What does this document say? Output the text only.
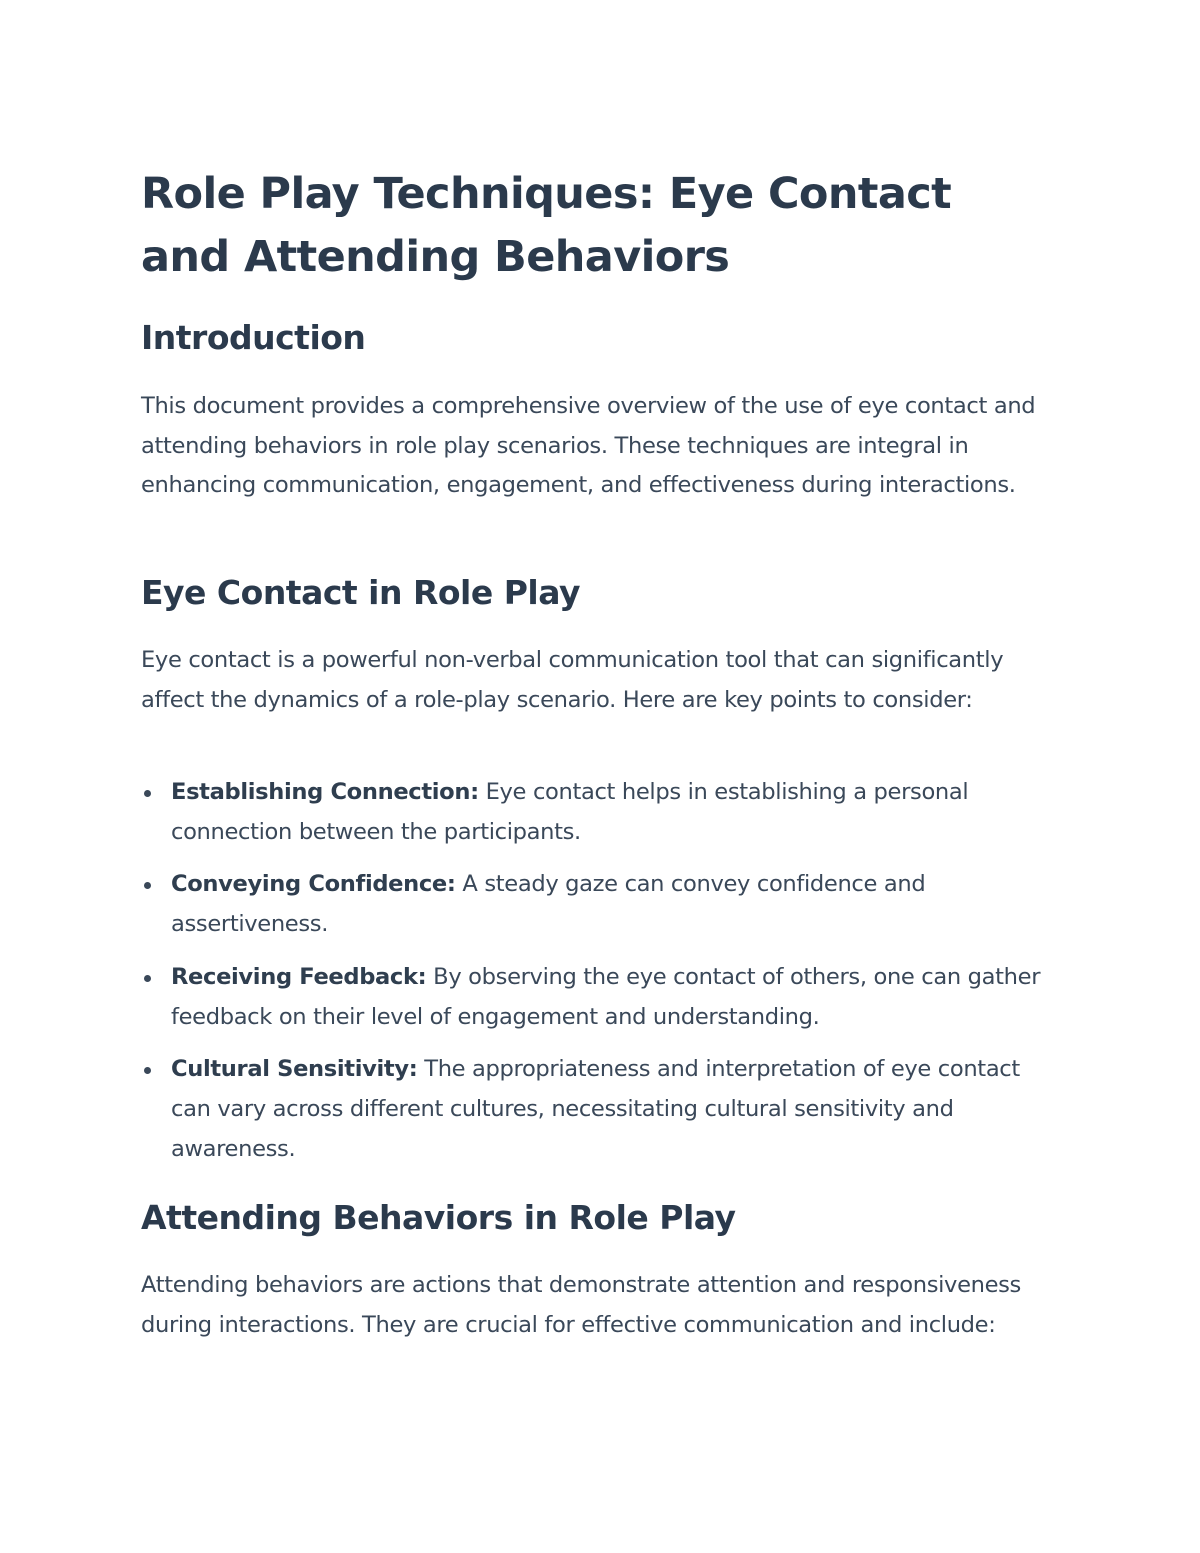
Role Play Techniques: Eye Contact and Attending Behaviors
Introduction

This document provides a comprehensive overview of the use of eye contact and attending behaviors in role play scenarios. These techniques are integral in enhancing communication, engagement, and effectiveness during interactions.

Eye Contact in Role Play

Eye contact is a powerful non-verbal communication tool that can significantly affect the dynamics of a role-play scenario. Here are key points to consider:

Establishing Connection: Eye contact helps in establishing a personal connection between the participants.
Conveying Confidence: A steady gaze can convey confidence and assertiveness.
Receiving Feedback: By observing the eye contact of others, one can gather feedback on their level of engagement and understanding.
Cultural Sensitivity: The appropriateness and interpretation of eye contact can vary across different cultures, necessitating cultural sensitivity and awareness.
Attending Behaviors in Role Play

Attending behaviors are actions that demonstrate attention and responsiveness during interactions. They are crucial for effective communication and include:
